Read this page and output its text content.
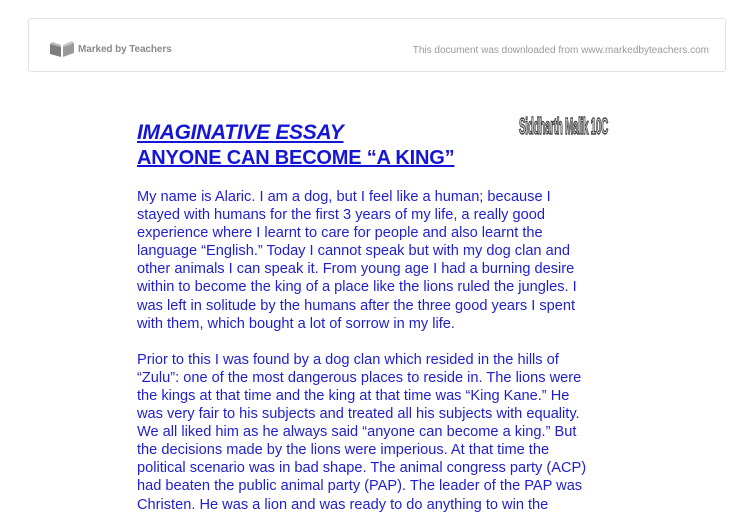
Marked by Teachers	This document was downloaded from www.markedbyteachers.com
IMAGINATIVE ESSAY
ANYONE CAN BECOME “A KING”
Siddharth Malik 10C

My name is Alaric. I am a dog, but I feel like a human; because I
stayed with humans for the first 3 years of my life, a really good
experience where I learnt to care for people and also learnt the
language “English.” Today I cannot speak but with my dog clan and
other animals I can speak it. From young age I had a burning desire
within to become the king of a place like the lions ruled the jungles. I
was left in solitude by the humans after the three good years I spent
with them, which bought a lot of sorrow in my life.

Prior to this I was found by a dog clan which resided in the hills of
“Zulu”: one of the most dangerous places to reside in. The lions were
the kings at that time and the king at that time was “King Kane.” He
was very fair to his subjects and treated all his subjects with equality.
We all liked him as he always said “anyone can become a king.” But
the decisions made by the lions were imperious. At that time the
political scenario was in bad shape. The animal congress party (ACP)
had beaten the public animal party (PAP). The leader of the PAP was
Christen. He was a lion and was ready to do anything to win the
